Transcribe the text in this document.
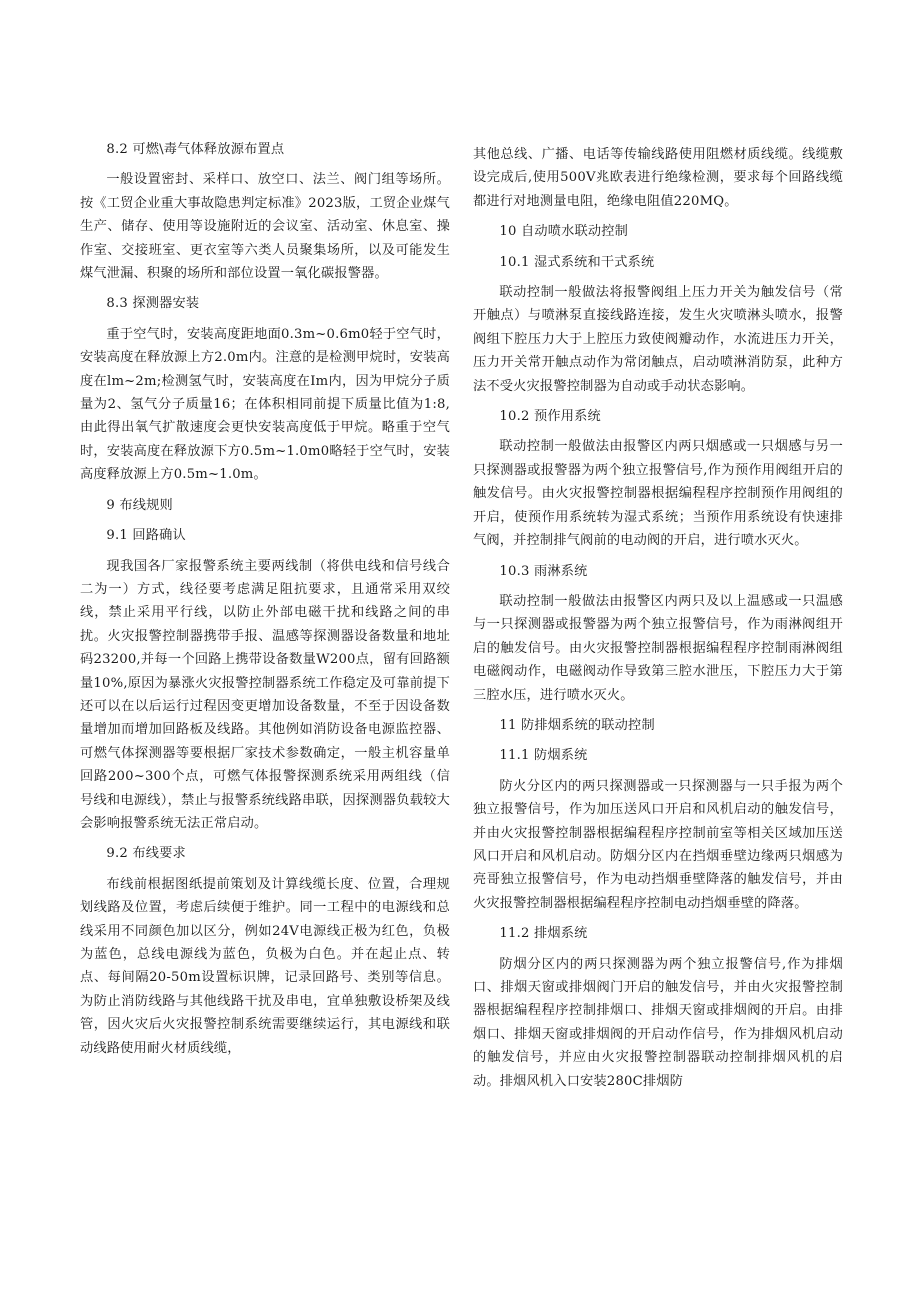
8.2 可燃\毒气体释放源布置点

一般设置密封、采样口、放空口、法兰、阀门组等场所。按《工贸企业重大事故隐患判定标准》2023版，工贸企业煤气生产、储存、使用等设施附近的会议室、活动室、休息室、操作室、交接班室、更衣室等六类人员聚集场所，以及可能发生煤气泄漏、积聚的场所和部位设置一氧化碳报警器。

8.3 探测器安装

重于空气时，安装高度距地面0.3m~0.6m0轻于空气时，安装高度在释放源上方2.0m内。注意的是检测甲烷时，安装高度在lm~2m;检测氢气时，安装高度在Im内，因为甲烷分子质量为2、氢气分子质量16；在体积相同前提下质量比值为1:8,由此得出氧气扩散速度会更快安装高度低于甲烷。略重于空气时，安装高度在释放源下方0.5m~1.0m0略轻于空气时，安装高度释放源上方0.5m~1.0m。

9 布线规则
9.1 回路确认

现我国各厂家报警系统主要两线制（将供电线和信号线合二为一）方式，线径要考虑满足阻抗要求，且通常采用双绞线，禁止采用平行线，以防止外部电磁干扰和线路之间的串扰。火灾报警控制器携带手报、温感等探测器设备数量和地址码23200,并每一个回路上携带设备数量W200点，留有回路额量10%,原因为暴涨火灾报警控制器系统工作稳定及可靠前提下还可以在以后运行过程因变更增加设备数量，不至于因设备数量增加而增加回路板及线路。其他例如消防设备电源监控器、可燃气体探测器等要根据厂家技术参数确定，一般主机容量单回路200~300个点，可燃气体报警探测系统采用两组线（信号线和电源线），禁止与报警系统线路串联，因探测器负载较大会影响报警系统无法正常启动。

9.2 布线要求

布线前根据图纸提前策划及计算线缆长度、位置，合理规划线路及位置，考虑后续便于维护。同一工程中的电源线和总线采用不同颜色加以区分，例如24V电源线正极为红色，负极为蓝色，总线电源线为蓝色，负极为白色。并在起止点、转点、每间隔20-50m设置标识牌，记录回路号、类别等信息。为防止消防线路与其他线路干扰及串电，宜单独敷设桥架及线管，因火灾后火灾报警控制系统需要继续运行，其电源线和联动线路使用耐火材质线缆，

其他总线、广播、电话等传输线路使用阻燃材质线缆。线缆敷设完成后,使用500V兆欧表进行绝缘检测，要求每个回路线缆都进行对地测量电阻，绝缘电阻值220MQ。

10 自动喷水联动控制
10.1 湿式系统和干式系统

联动控制一般做法将报警阀组上压力开关为触发信号（常开触点）与喷淋泵直接线路连接，发生火灾喷淋头喷水，报警阀组下腔压力大于上腔压力致使阀瓣动作，水流进压力开关，压力开关常开触点动作为常闭触点，启动喷淋消防泵，此种方法不受火灾报警控制器为自动或手动状态影响。

10.2 预作用系统

联动控制一般做法由报警区内两只烟感或一只烟感与另一只探测器或报警器为两个独立报警信号,作为预作用阀组开启的触发信号。由火灾报警控制器根据编程程序控制预作用阀组的开启，使预作用系统转为湿式系统；当预作用系统设有快速排气阀，并控制排气阀前的电动阀的开启，进行喷水灭火。

10.3 雨淋系统

联动控制一般做法由报警区内两只及以上温感或一只温感与一只探测器或报警器为两个独立报警信号，作为雨淋阀组开启的触发信号。由火灾报警控制器根据编程程序控制雨淋阀组电磁阀动作，电磁阀动作导致第三腔水泄压，下腔压力大于第三腔水压，进行喷水灭火。

11 防排烟系统的联动控制
11.1 防烟系统

防火分区内的两只探测器或一只探测器与一只手报为两个独立报警信号，作为加压送风口开启和风机启动的触发信号，并由火灾报警控制器根据编程程序控制前室等相关区域加压送风口开启和风机启动。防烟分区内在挡烟垂壁边缘两只烟感为亮哥独立报警信号，作为电动挡烟垂壁降落的触发信号，并由火灾报警控制器根据编程程序控制电动挡烟垂壁的降落。

11.2 排烟系统

防烟分区内的两只探测器为两个独立报警信号,作为排烟口、排烟天窗或排烟阀门开启的触发信号，并由火灾报警控制器根据编程程序控制排烟口、排烟天窗或排烟阀的开启。由排烟口、排烟天窗或排烟阀的开启动作信号，作为排烟风机启动的触发信号，并应由火灾报警控制器联动控制排烟风机的启动。排烟风机入口安装280C排烟防
